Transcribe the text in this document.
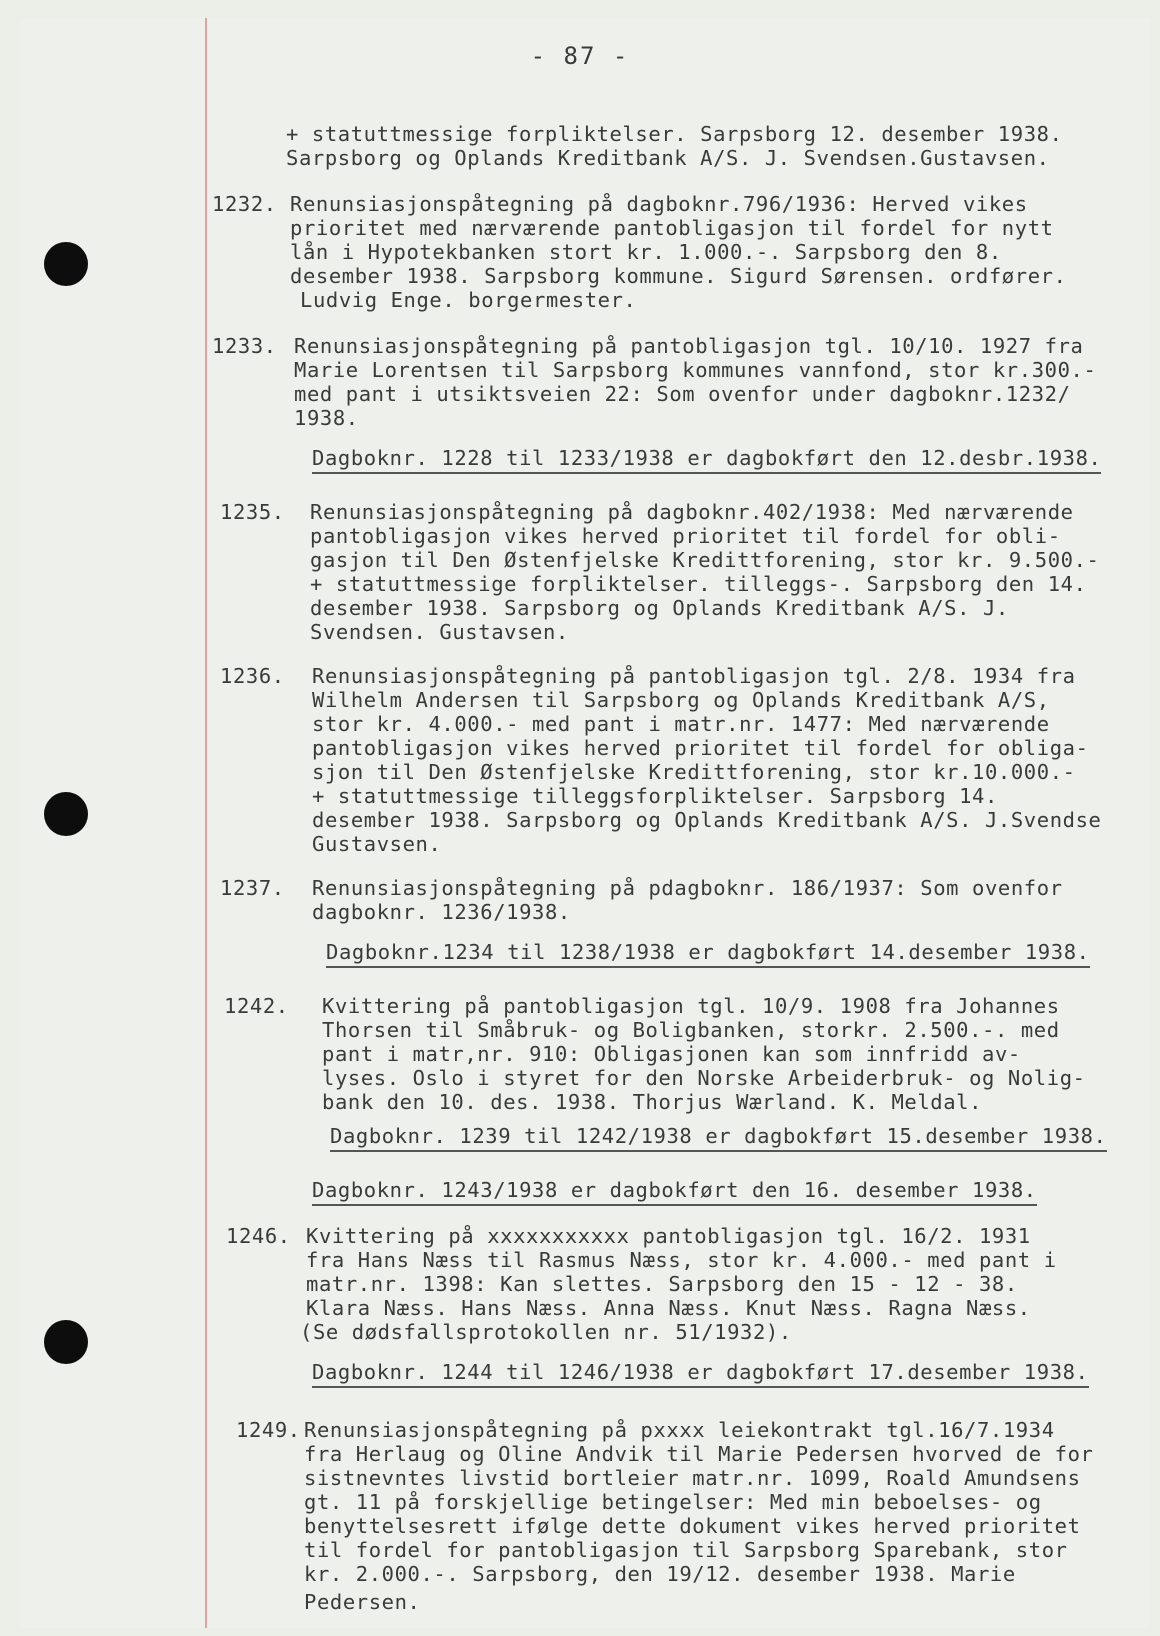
- 87 -
+ statuttmessige forpliktelser. Sarpsborg 12. desember 1938.
Sarpsborg og Oplands Kreditbank A/S. J. Svendsen.Gustavsen.
1232. Renunsiasjonspåtegning på dagboknr.796/1936: Herved vikes
prioritet med nærværende pantobligasjon til fordel for nytt
lån i Hypotekbanken stort kr. 1.000.-. Sarpsborg den 8.
desember 1938. Sarpsborg kommune. Sigurd Sørensen. ordfører.
Ludvig Enge. borgermester.
1233. Renunsiasjonspåtegning på pantobligasjon tgl. 10/10. 1927 fra
Marie Lorentsen til Sarpsborg kommunes vannfond, stor kr.300.-
med pant i utsiktsveien 22: Som ovenfor under dagboknr.1232/
1938.
Dagboknr. 1228 til 1233/1938 er dagbokført den 12.desbr.1938.
1235. Renunsiasjonspåtegning på dagboknr.402/1938: Med nærværende
pantobligasjon vikes herved prioritet til fordel for obli-
gasjon til Den Østenfjelske Kredittforening, stor kr. 9.500.-
+ statuttmessige forpliktelser. tilleggs-. Sarpsborg den 14.
desember 1938. Sarpsborg og Oplands Kreditbank A/S. J.
Svendsen. Gustavsen.
1236. Renunsiasjonspåtegning på pantobligasjon tgl. 2/8. 1934 fra
Wilhelm Andersen til Sarpsborg og Oplands Kreditbank A/S,
stor kr. 4.000.- med pant i matr.nr. 1477: Med nærværende
pantobligasjon vikes herved prioritet til fordel for obliga-
sjon til Den Østenfjelske Kredittforening, stor kr.10.000.-
+ statuttmessige tilleggsforpliktelser. Sarpsborg 14.
desember 1938. Sarpsborg og Oplands Kreditbank A/S. J.Svendse
Gustavsen.
1237. Renunsiasjonspåtegning på pdagboknr. 186/1937: Som ovenfor
dagboknr. 1236/1938.
Dagboknr.1234 til 1238/1938 er dagbokført 14.desember 1938.
1242. Kvittering på pantobligasjon tgl. 10/9. 1908 fra Johannes
Thorsen til Småbruk- og Boligbanken, storkr. 2.500.-. med
pant i matr,nr. 910: Obligasjonen kan som innfridd av-
lyses. Oslo i styret for den Norske Arbeiderbruk- og Nolig-
bank den 10. des. 1938. Thorjus Wærland. K. Meldal.
Dagboknr. 1239 til 1242/1938 er dagbokført 15.desember 1938.
Dagboknr. 1243/1938 er dagbokført den 16. desember 1938.
1246. Kvittering på xxxxxxxxxxx pantobligasjon tgl. 16/2. 1931
fra Hans Næss til Rasmus Næss, stor kr. 4.000.- med pant i
matr.nr. 1398: Kan slettes. Sarpsborg den 15 - 12 - 38.
Klara Næss. Hans Næss. Anna Næss. Knut Næss. Ragna Næss.
(Se dødsfallsprotokollen nr. 51/1932).
Dagboknr. 1244 til 1246/1938 er dagbokført 17.desember 1938.
1249. Renunsiasjonspåtegning på pxxxx leiekontrakt tgl.16/7.1934
fra Herlaug og Oline Andvik til Marie Pedersen hvorved de for
sistnevntes livstid bortleier matr.nr. 1099, Roald Amundsens
gt. 11 på forskjellige betingelser: Med min beboelses- og
benyttelsesrett ifølge dette dokument vikes herved prioritet
til fordel for pantobligasjon til Sarpsborg Sparebank, stor
kr. 2.000.-. Sarpsborg, den 19/12. desember 1938. Marie
Pedersen.
